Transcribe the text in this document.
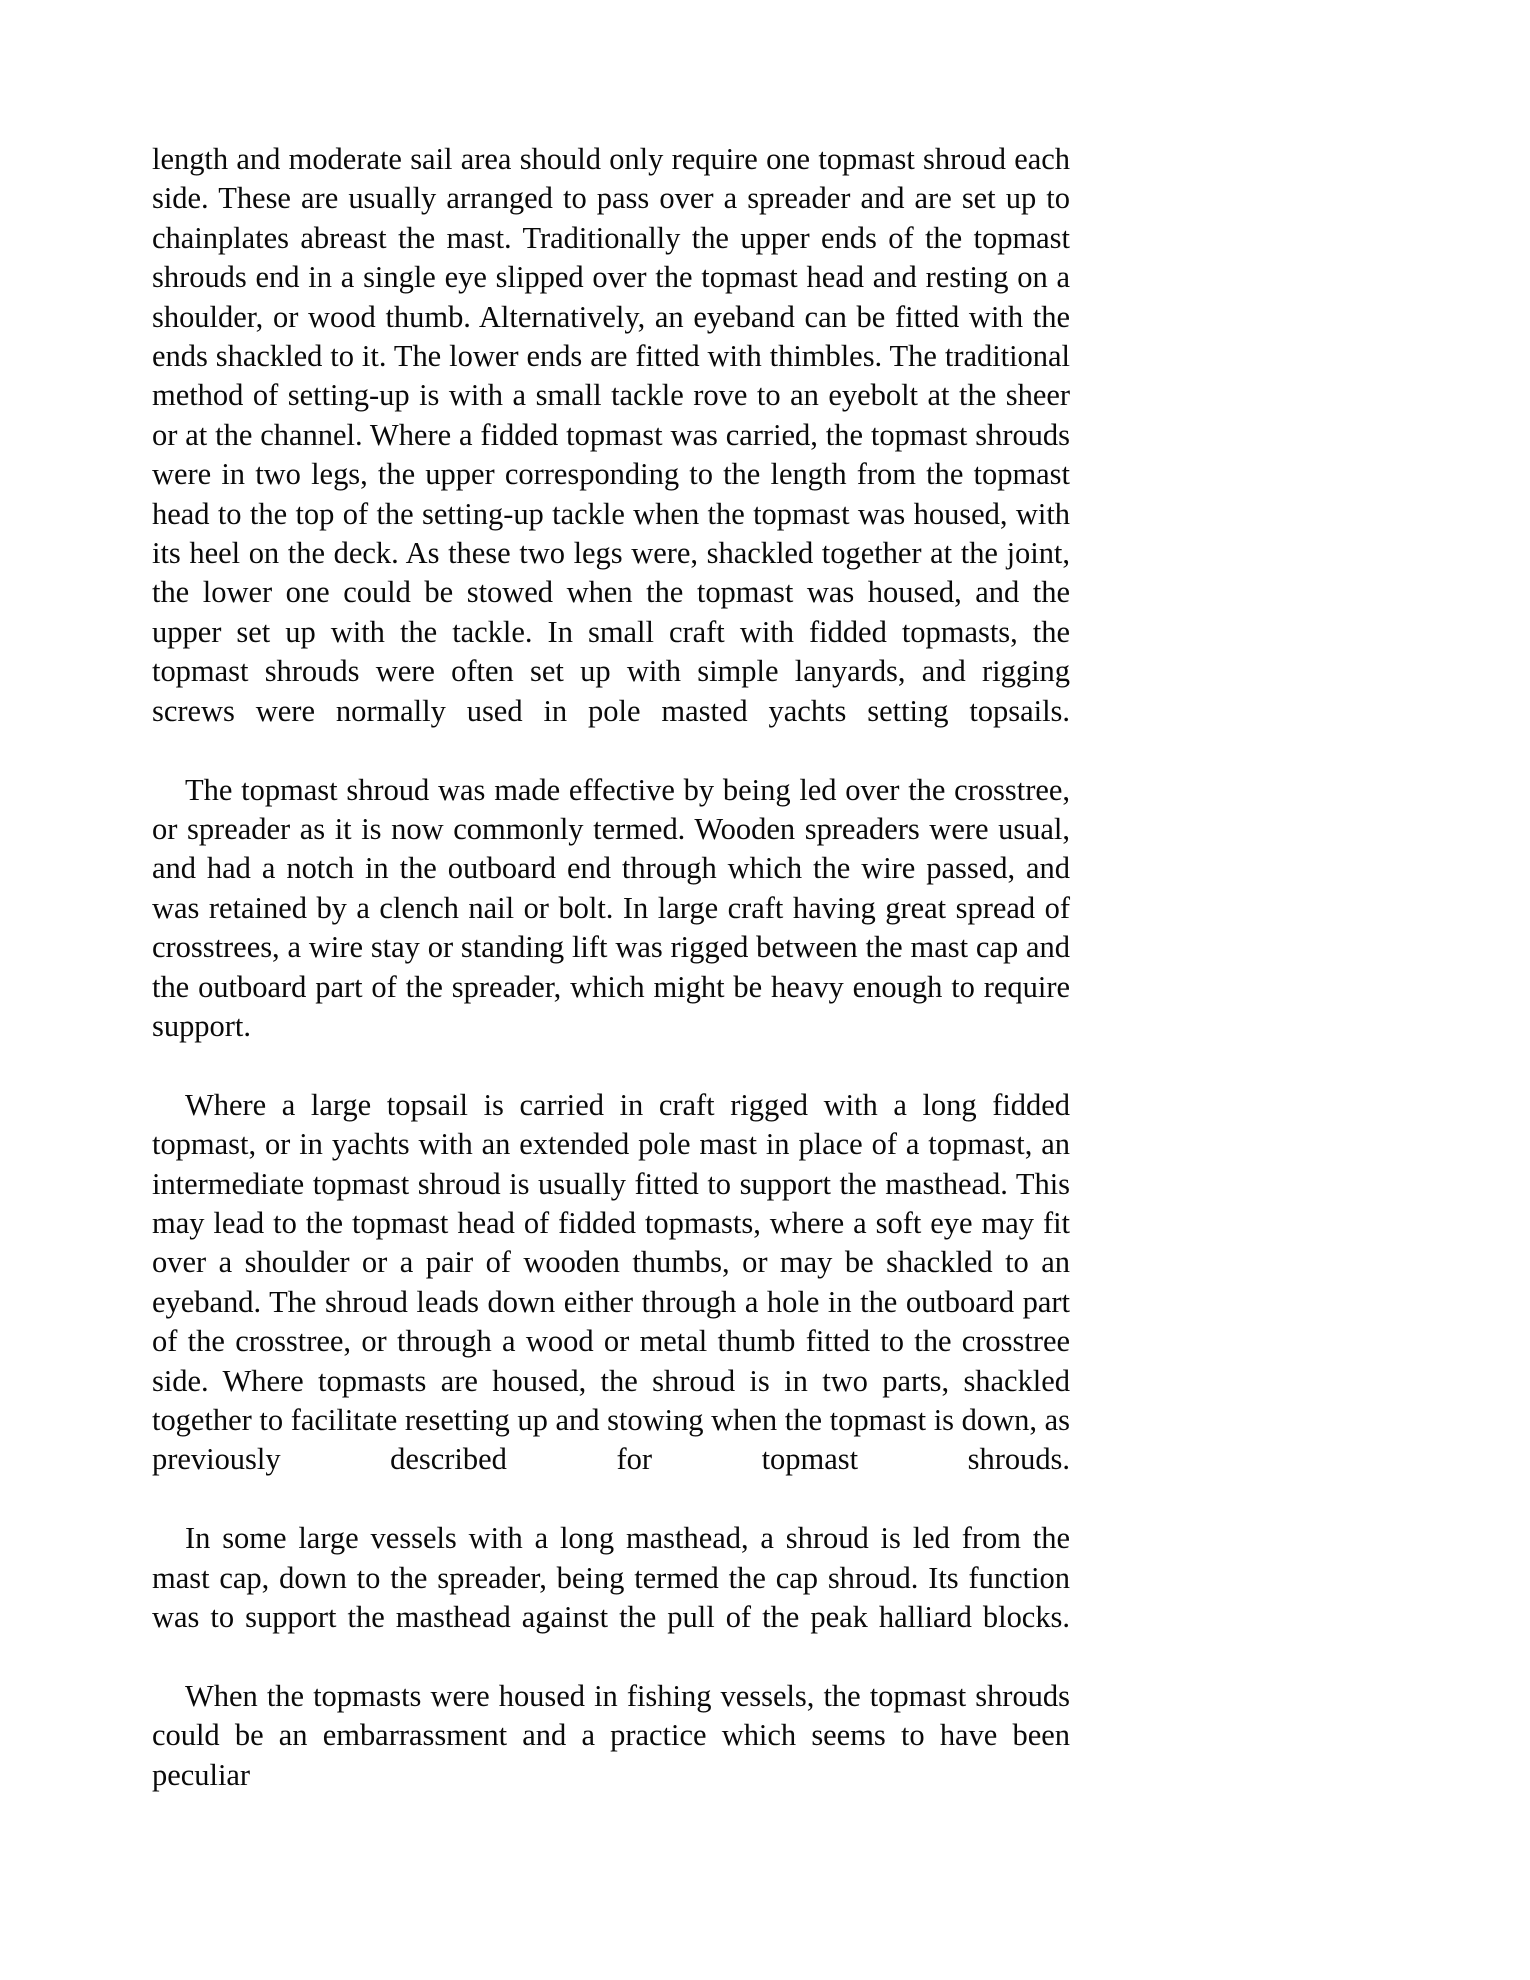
length and moderate sail area should only require one topmast shroud each side. These are usually arranged to pass over a spreader and are set up to chainplates abreast the mast. Traditionally the upper ends of the topmast shrouds end in a single eye slipped over the topmast head and resting on a shoulder, or wood thumb. Alternatively, an eyeband can be fitted with the ends shackled to it. The lower ends are fitted with thimbles. The traditional method of setting-up is with a small tackle rove to an eyebolt at the sheer or at the channel. Where a fidded topmast was carried, the topmast shrouds were in two legs, the upper corresponding to the length from the topmast head to the top of the setting-up tackle when the topmast was housed, with its heel on the deck. As these two legs were, shackled together at the joint, the lower one could be stowed when the topmast was housed, and the upper set up with the tackle. In small craft with fidded topmasts, the topmast shrouds were often set up with simple lanyards, and rigging screws were normally used in pole masted yachts setting topsails.

The topmast shroud was made effective by being led over the crosstree, or spreader as it is now commonly termed. Wooden spreaders were usual, and had a notch in the outboard end through which the wire passed, and was retained by a clench nail or bolt. In large craft having great spread of crosstrees, a wire stay or standing lift was rigged between the mast cap and the outboard part of the spreader, which might be heavy enough to require support.

Where a large topsail is carried in craft rigged with a long fidded topmast, or in yachts with an extended pole mast in place of a topmast, an intermediate topmast shroud is usually fitted to support the masthead. This may lead to the topmast head of fidded topmasts, where a soft eye may fit over a shoulder or a pair of wooden thumbs, or may be shackled to an eyeband. The shroud leads down either through a hole in the outboard part of the crosstree, or through a wood or metal thumb fitted to the crosstree side. Where topmasts are housed, the shroud is in two parts, shackled together to facilitate resetting up and stowing when the topmast is down, as previously described for topmast shrouds.

In some large vessels with a long masthead, a shroud is led from the mast cap, down to the spreader, being termed the cap shroud. Its function was to support the masthead against the pull of the peak halliard blocks.

When the topmasts were housed in fishing vessels, the topmast shrouds could be an embarrassment and a practice which seems to have been peculiar
